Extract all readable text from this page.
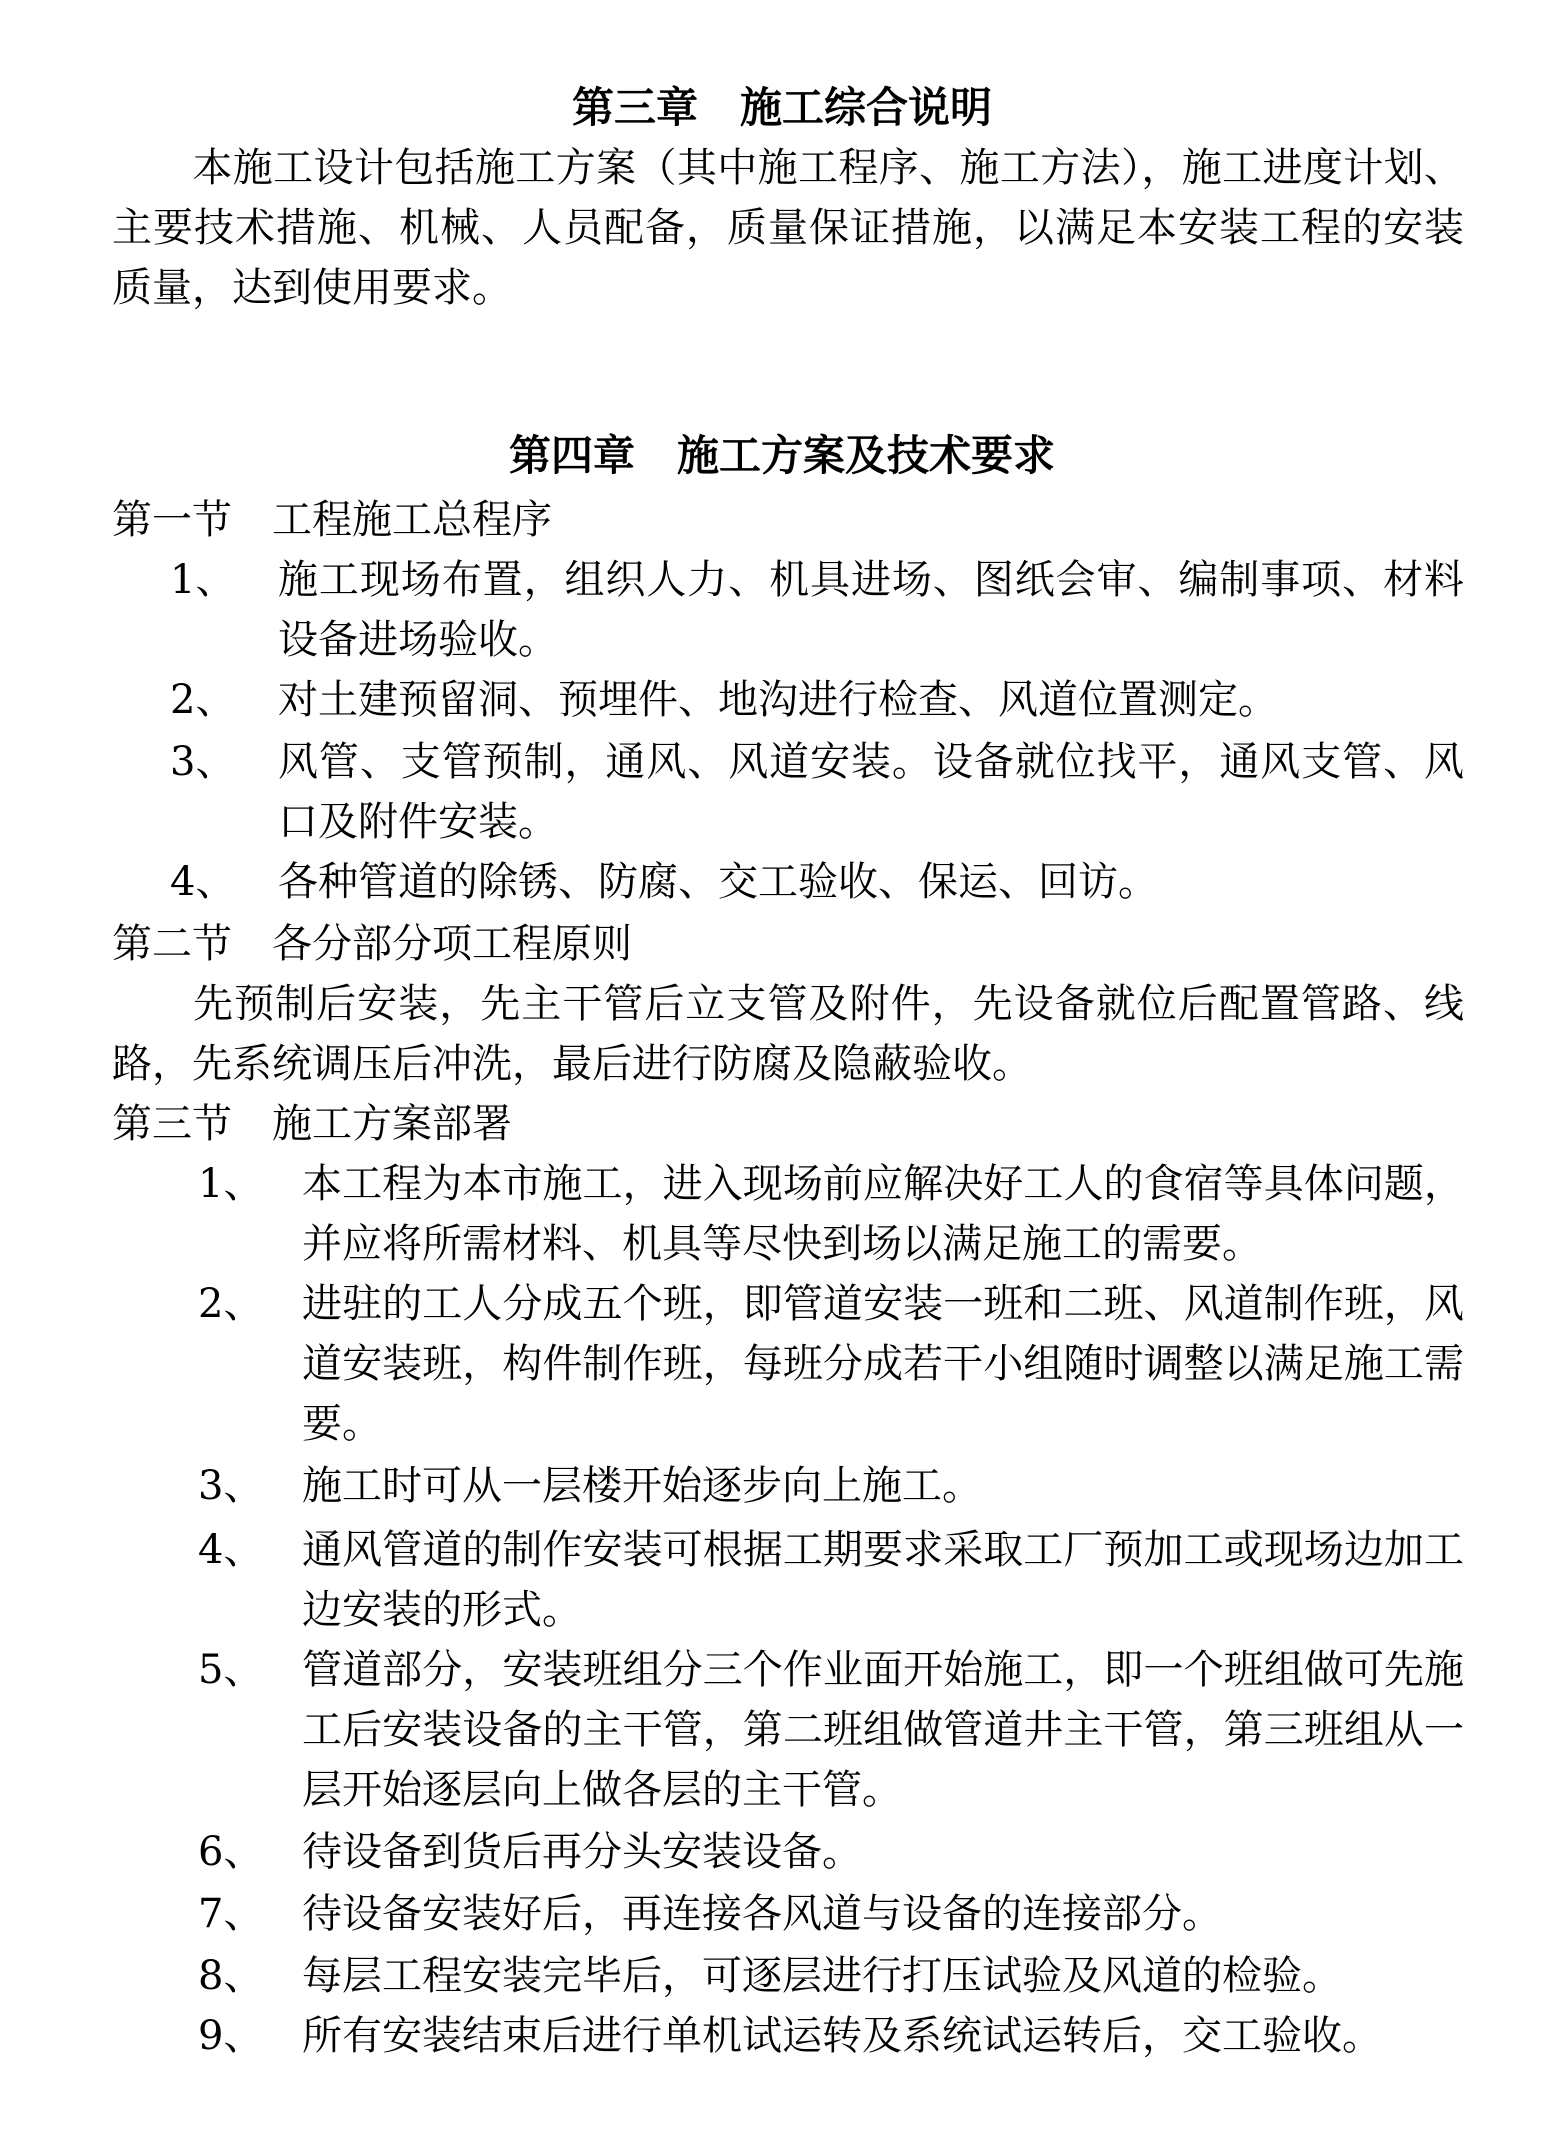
第三章　施工综合说明
本施工设计包括施工方案（其中施工程序、施工方法），施工进度计划、主要技术措施、机械、人员配备，质量保证措施，以满足本安装工程的安装质量，达到使用要求。
第四章　施工方案及技术要求
第一节 工程施工总程序
1、 施工现场布置，组织人力、机具进场、图纸会审、编制事项、材料设备进场验收。
2、 对土建预留洞、预埋件、地沟进行检查、风道位置测定。
3、 风管、支管预制，通风、风道安装。设备就位找平，通风支管、风口及附件安装。
4、 各种管道的除锈、防腐、交工验收、保运、回访。
第二节 各分部分项工程原则
先预制后安装，先主干管后立支管及附件，先设备就位后配置管路、线路，先系统调压后冲洗，最后进行防腐及隐蔽验收。
第三节 施工方案部署
1、 本工程为本市施工，进入现场前应解决好工人的食宿等具体问题，并应将所需材料、机具等尽快到场以满足施工的需要。
2、 进驻的工人分成五个班，即管道安装一班和二班、风道制作班，风道安装班，构件制作班，每班分成若干小组随时调整以满足施工需要。
3、 施工时可从一层楼开始逐步向上施工。
4、 通风管道的制作安装可根据工期要求采取工厂预加工或现场边加工边安装的形式。
5、 管道部分，安装班组分三个作业面开始施工，即一个班组做可先施工后安装设备的主干管，第二班组做管道井主干管，第三班组从一层开始逐层向上做各层的主干管。
6、 待设备到货后再分头安装设备。
7、 待设备安装好后，再连接各风道与设备的连接部分。
8、 每层工程安装完毕后，可逐层进行打压试验及风道的检验。
9、 所有安装结束后进行单机试运转及系统试运转后，交工验收。
